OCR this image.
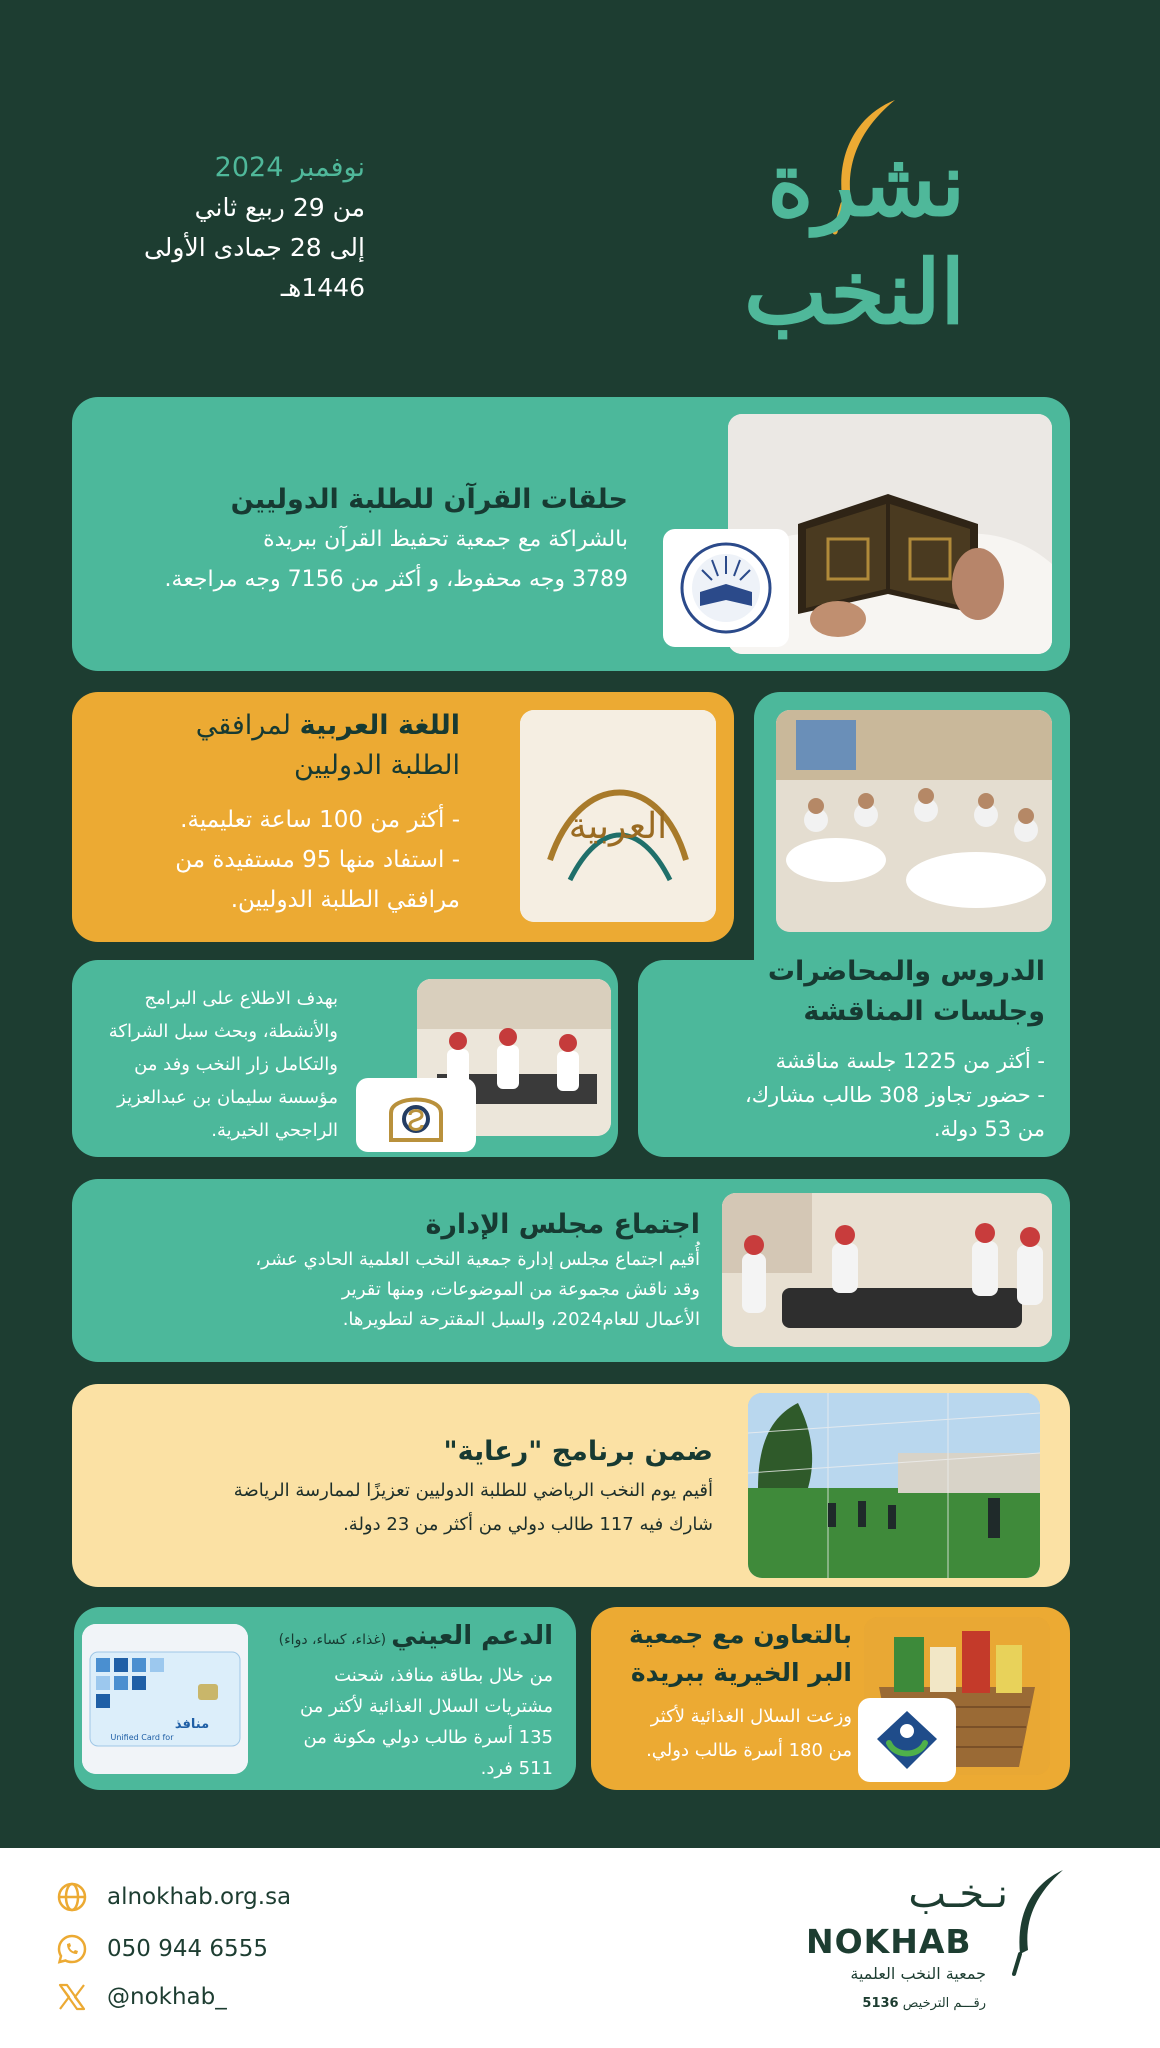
نشرة
النخب
نوفمبر 2024
من 29 ربيع ثاني
إلى 28 جمادى الأولى 1446هـ
حلقات القرآن للطلبة الدوليين
بالشراكة مع جمعية تحفيظ القرآن ببريدة
3789 وجه محفوظ، و أكثر من 7156 وجه مراجعة.
العربية
اللغة العربية لمرافقي
الطلبة الدوليين
- أكثر من 100 ساعة تعليمية.
- استفاد منها 95 مستفيدة من
مرافقي الطلبة الدوليين.
الدروس والمحاضرات
وجلسات المناقشة
- أكثر من 1225 جلسة مناقشة
- حضور تجاوز 308 طالب مشارك،
من 53 دولة.
بهدف الاطلاع على البرامج
والأنشطة، وبحث سبل الشراكة
والتكامل زار النخب وفد من
مؤسسة سليمان بن عبدالعزيز
الراجحي الخيرية.
اجتماع مجلس الإدارة
أُقيم اجتماع مجلس إدارة جمعية النخب العلمية الحادي عشر،
وقد ناقش مجموعة من الموضوعات، ومنها تقرير
الأعمال للعام2024، والسبل المقترحة لتطويرها.
ضمن برنامج "رعاية"
أقيم يوم النخب الرياضي للطلبة الدوليين تعزيزًا لممارسة الرياضة
شارك فيه 117 طالب دولي من أكثر من 23 دولة.
منافذ
Unified Card for
الدعم العيني (غذاء، كساء، دواء)
من خلال بطاقة منافذ، شحنت
مشتريات السلال الغذائية لأكثر من
135 أسرة طالب دولي مكونة من
511 فرد.
بالتعاون مع جمعية
البر الخيرية ببريدة
وزعت السلال الغذائية لأكثر
من 180 أسرة طالب دولي.
alnokhab.org.sa
050 944 6555
@nokhab_
نـخـب
NOKHAB
جمعية النخب العلمية
رقـــم الترخيص 5136
